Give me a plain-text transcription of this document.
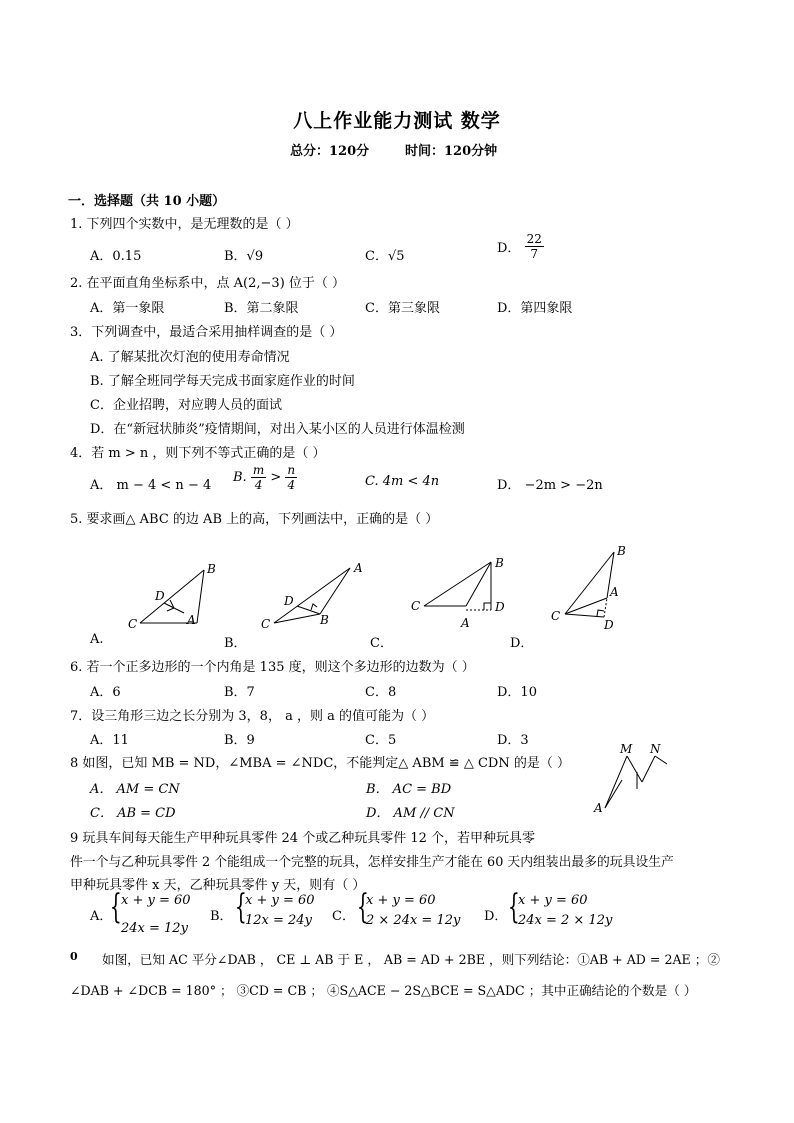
八上作业能力测试 数学
总分：120分	时间：120分钟
一．选择题（共 10 小题）
1. 下列四个实数中，是无理数的是（ ）
A．0.15	B．√9	C．√5
D． $\frac{22}{7}$
2. 在平面直角坐标系中，点 A(2,−3) 位于（ ）
A．第一象限	B．第二象限	C．第三象限	D．第四象限
3．下列调查中，最适合采用抽样调查的是（ ）
A. 了解某批次灯泡的使用寿命情况
B. 了解全班同学每天完成书面家庭作业的时间
C．企业招聘，对应聘人员的面试
D．在“新冠状肺炎”疫情期间，对出入某小区的人员进行体温检测
4．若 m > n ，则下列不等式正确的是（ ）
A． m − 4 < n − 4
B. $\frac{m}{4} > \frac{n}{4}$	C. 4m < 4n	D． −2m > −2n
5. 要求画△ ABC 的边 AB 上的高，下列画法中，正确的是（ ）
C	A
B
D
C	B
A
D	C
A
B
D
C
A
B
D
M N
A
A.	B．	C．	D．
6. 若一个正多边形的一个内角是 135 度，则这个多边形的边数为（ ）
A．6	B．7	C．8	D．10
7．设三角形三边之长分别为 3，8， a ，则 a 的值可能为（ ）
A．11	B．9	C．5	D．3
8 如图，已知 MB = ND，∠MBA = ∠NDC，不能判定△ ABM ≌ △ CDN 的是（ ）
A． AM = CN	B． AC = BD
C． AB = CD	D． AM // CN
9 玩具车间每天能生产甲种玩具零件 24 个或乙种玩具零件 12 个，若甲种玩具零
件一个与乙种玩具零件 2 个能组成一个完整的玩具，怎样安排生产才能在 60 天内组装出最多的玩具设生产
甲种玩具零件 x 天，乙种玩具零件 y 天，则有（ ）
A．
{ x + y = 60
24x = 12y
B． {
x + y = 60
12x = 24y C． {
x + y = 60
2 × 24x = 12y D． {
x + y = 60
24x = 2 × 12y
0 如图，已知 AC 平分∠DAB ， CE ⊥ AB 于 E ， AB = AD + 2BE ，则下列结论：①AB + AD = 2AE ；②
∠DAB + ∠DCB = 180° ； ③CD = CB ； ④S△ACE − 2S△BCE = S△ADC ；其中正确结论的个数是（ ）
